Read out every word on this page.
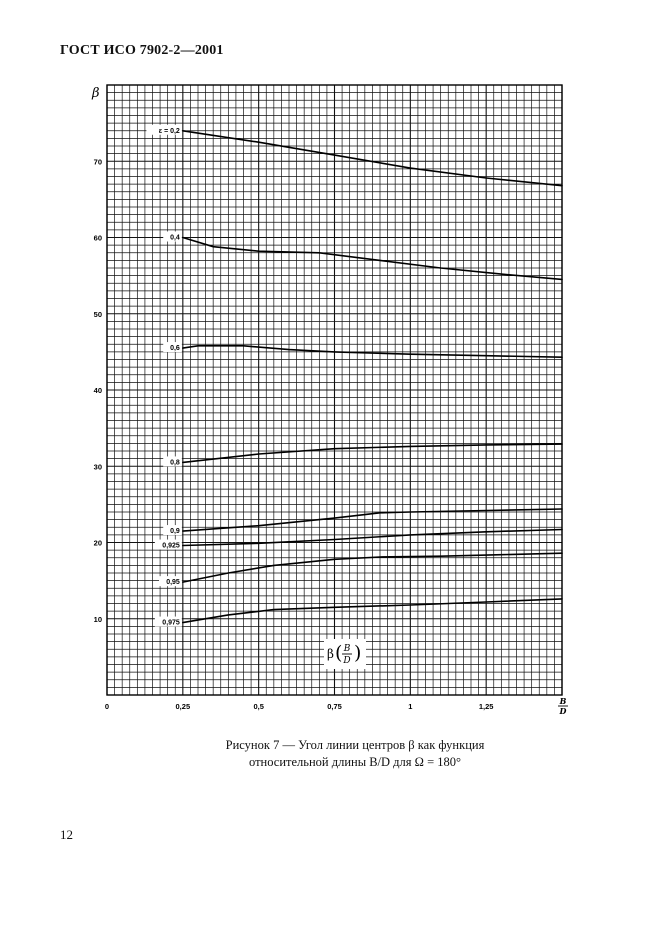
ГОСТ ИСО 7902-2—2001
β
10
20
30
40
50
60
70
0	0,25	0,5	0,75	1	1,25
B
D
ε = 0,2
0,4
0,6
0,8
0,9
0,925
0,95
0,975
β ( B
D )
Рисунок 7 — Угол линии центров β как функция
относительной длины B/D для Ω = 180°
12
